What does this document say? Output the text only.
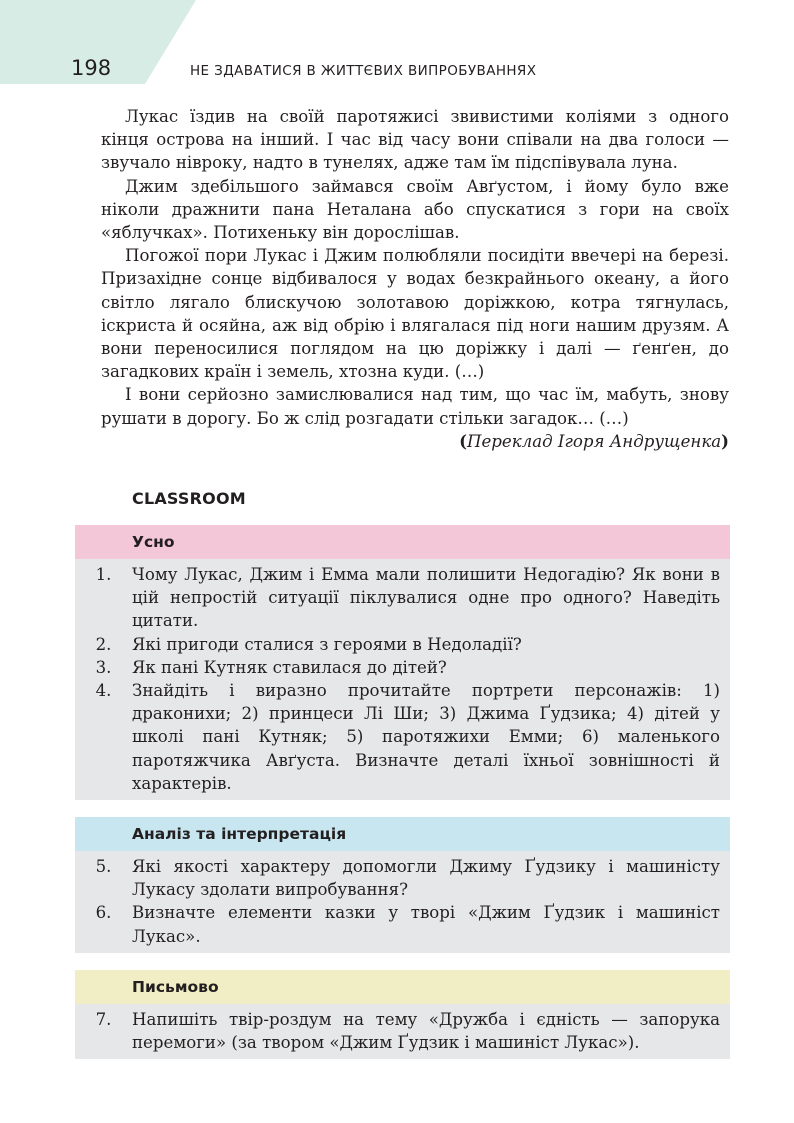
198	НЕ ЗДАВАТИСЯ В ЖИТТЄВИХ ВИПРОБУВАННЯХ

Лукас їздив на своїй паротяжисі звивистими коліями з одного кінця острова на інший. І час від часу вони співали на два голоси — звучало нівроку, надто в тунелях, адже там їм підспівувала луна.

Джим здебільшого займався своїм Авґустом, і йому було вже ніколи дражнити пана Неталана або спускатися з гори на своїх «яблучках». Потихеньку він дорослішав.

Погожої пори Лукас і Джим полюбляли посидіти ввечері на березі. Призахідне сонце відбивалося у водах безкрайнього океану, а його світло лягало блискучою золотавою доріжкою, котра тягнулась, іскриста й осяйна, аж від обрію і влягалася під ноги нашим друзям. А вони переносилися поглядом на цю доріжку і далі — ґенґен, до загадкових країн і земель, хтозна куди. (…)

І вони серйозно замислювалися над тим, що час їм, мабуть, знову рушати в дорогу. Бо ж слід розгадати стільки загадок… (…)

(Переклад Ігоря Андрущенка)

CLASSROOM
Усно
1.	Чому Лукас, Джим і Емма мали полишити Недогадію? Як вони в цій непростій ситуації піклувалися одне про одного? Наведіть цитати.
2.	Які пригоди сталися з героями в Недоладії?
3.	Як пані Кутняк ставилася до дітей?
4.	Знайдіть і виразно прочитайте портрети персонажів: 1) драконихи; 2) принцеси Лі Ши; 3) Джима Ґудзика; 4) дітей у школі пані Кутняк; 5) паротяжихи Емми; 6) маленького паротяжчика Авґуста. Визначте деталі їхньої зовнішності й характерів.
Аналіз та інтерпретація
5.	Які якості характеру допомогли Джиму Ґудзику і машиністу Лукасу здолати випробування?
6.	Визначте елементи казки у творі «Джим Ґудзик і машиніст Лукас».
Письмово
7.	Напишіть твір-роздум на тему «Дружба і єдність — запорука перемоги» (за твором «Джим Ґудзик і машиніст Лукас»).
